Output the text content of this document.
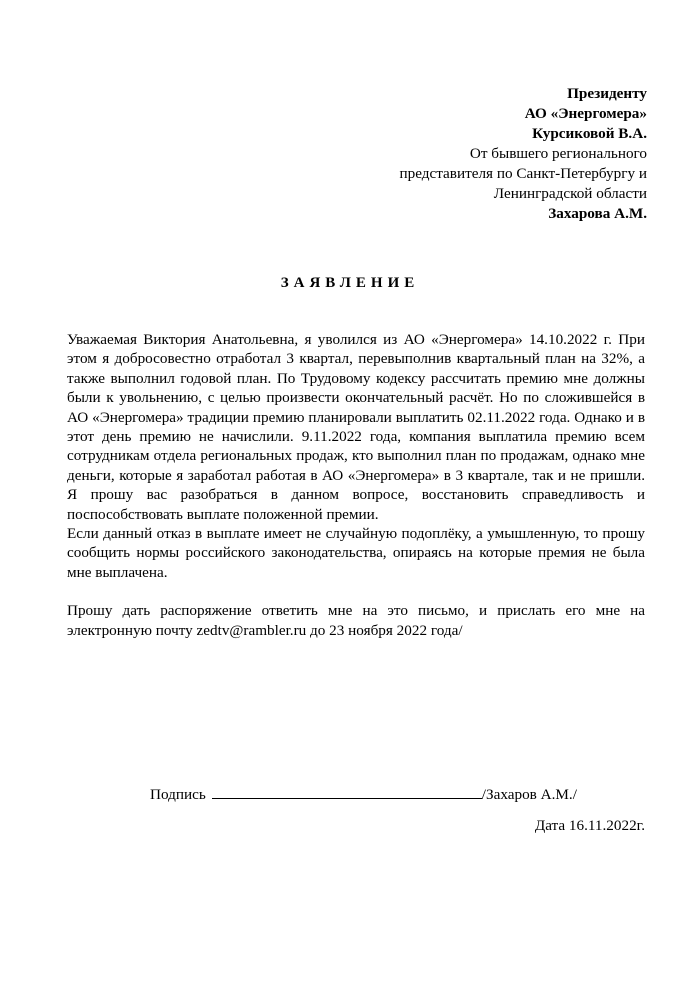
Президенту
АО «Энергомера»
Курсиковой В.А.
От бывшего регионального
представителя по Санкт-Петербургу и
Ленинградской области
Захарова А.М.
ЗАЯВЛЕНИЕ

Уважаемая Виктория Анатольевна, я уволился из АО «Энергомера» 14.10.2022 г. При этом я добросовестно отработал 3 квартал, перевыполнив квартальный план на 32%, а также выполнил годовой план. По Трудовому кодексу рассчитать премию мне должны были к увольнению, с целью произвести окончательный расчёт. Но по сложившейся в АО «Энергомера» традиции премию планировали выплатить 02.11.2022 года. Однако и в этот день премию не начислили. 9.11.2022 года, компания выплатила премию всем сотрудникам отдела региональных продаж, кто выполнил план по продажам, однако мне деньги, которые я заработал работая в АО «Энергомера» в 3 квартале, так и не пришли. Я прошу вас разобраться в данном вопросе, восстановить справедливость и поспособствовать выплате положенной премии.

Если данный отказ в выплате имеет не случайную подоплёку, а умышленную, то прошу сообщить нормы российского законодательства, опираясь на которые премия не была мне выплачена.

Прошу дать распоряжение ответить мне на это письмо, и прислать его мне на электронную почту zedtv@rambler.ru до 23 ноября 2022 года/

Подпись	/Захаров А.М./
Дата 16.11.2022г.
